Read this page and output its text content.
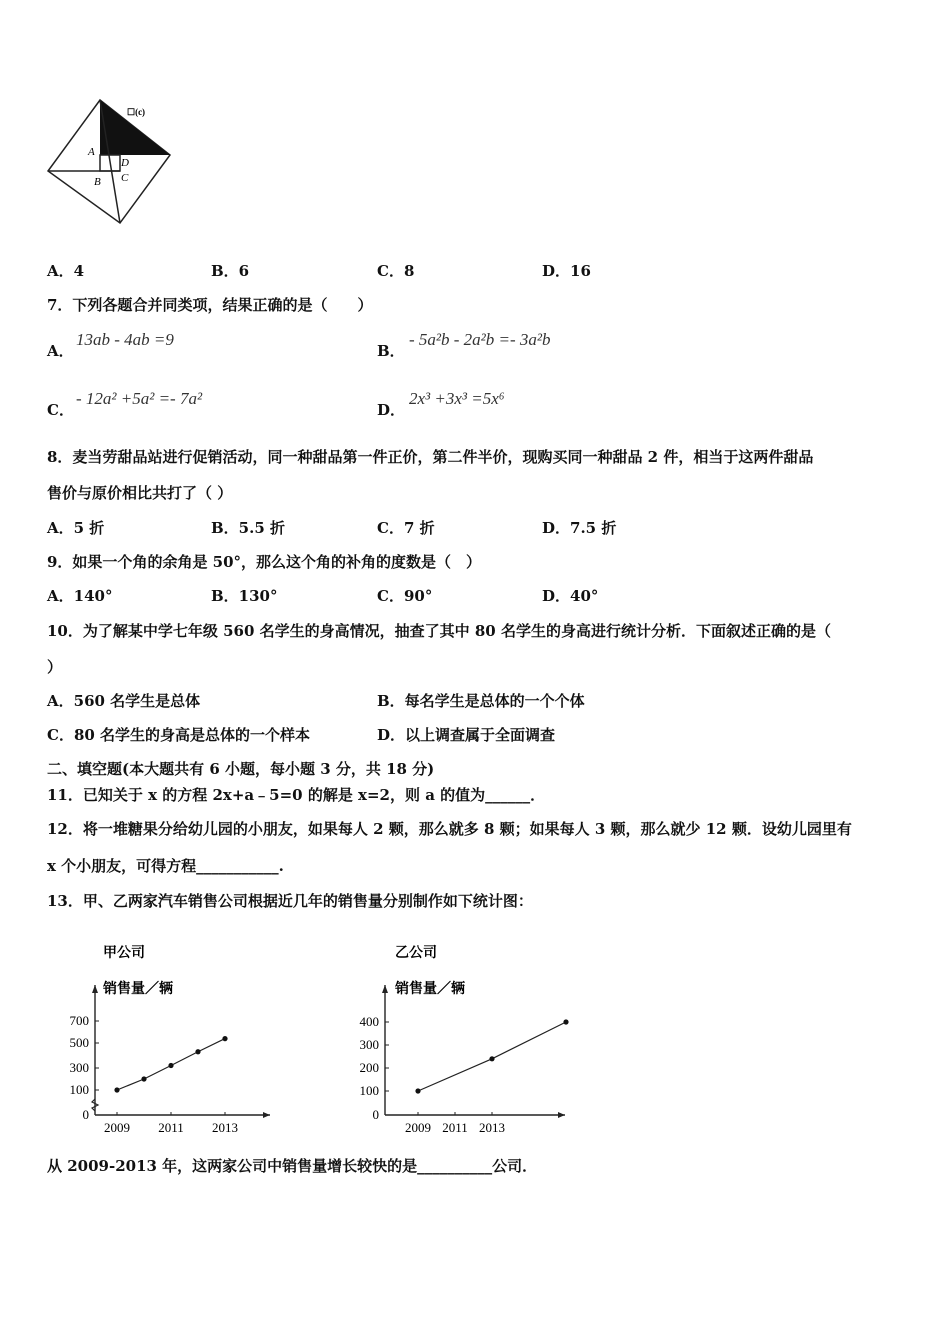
☐(c)
A
B
D
C
A．4	B．6	C．8	D．16
7．下列各题合并同类项，结果正确的是（　　）
A．
13ab - 4ab =9
B．
- 5a²b - 2a²b =- 3a²b
C．
- 12a² +5a² =- 7a²
D．
2x³ +3x³ =5x⁶
8．麦当劳甜品站进行促销活动，同一种甜品第一件正价，第二件半价，现购买同一种甜品 2 件，相当于这两件甜品
售价与原价相比共打了（ ）
A．5 折	B．5.5 折	C．7 折	D．7.5 折
9．如果一个角的余角是 50°，那么这个角的补角的度数是（　）
A．140°	B．130°	C．90°	D．40°
10．为了解某中学七年级 560 名学生的身高情况，抽查了其中 80 名学生的身高进行统计分析．下面叙述正确的是（
）
A．560 名学生是总体	B．每名学生是总体的一个个体
C．80 名学生的身高是总体的一个样本	D．以上调查属于全面调查
二、填空题(本大题共有 6 小题，每小题 3 分，共 18 分)
11．已知关于 x 的方程 2x+a﹣5=0 的解是 x=2，则 a 的值为______．
12．将一堆糖果分给幼儿园的小朋友，如果每人 2 颗，那么就多 8 颗；如果每人 3 颗，那么就少 12 颗．设幼儿园里有
x 个小朋友，可得方程___________.
13．甲、乙两家汽车销售公司根据近几年的销售量分别制作如下统计图：
甲公司
销售量／辆
0
100
300
500
700
2009 2011 2013
乙公司
销售量／辆
0
100
200
300
400
2009 2011 2013
从 2009-2013 年，这两家公司中销售量增长较快的是__________公司．
